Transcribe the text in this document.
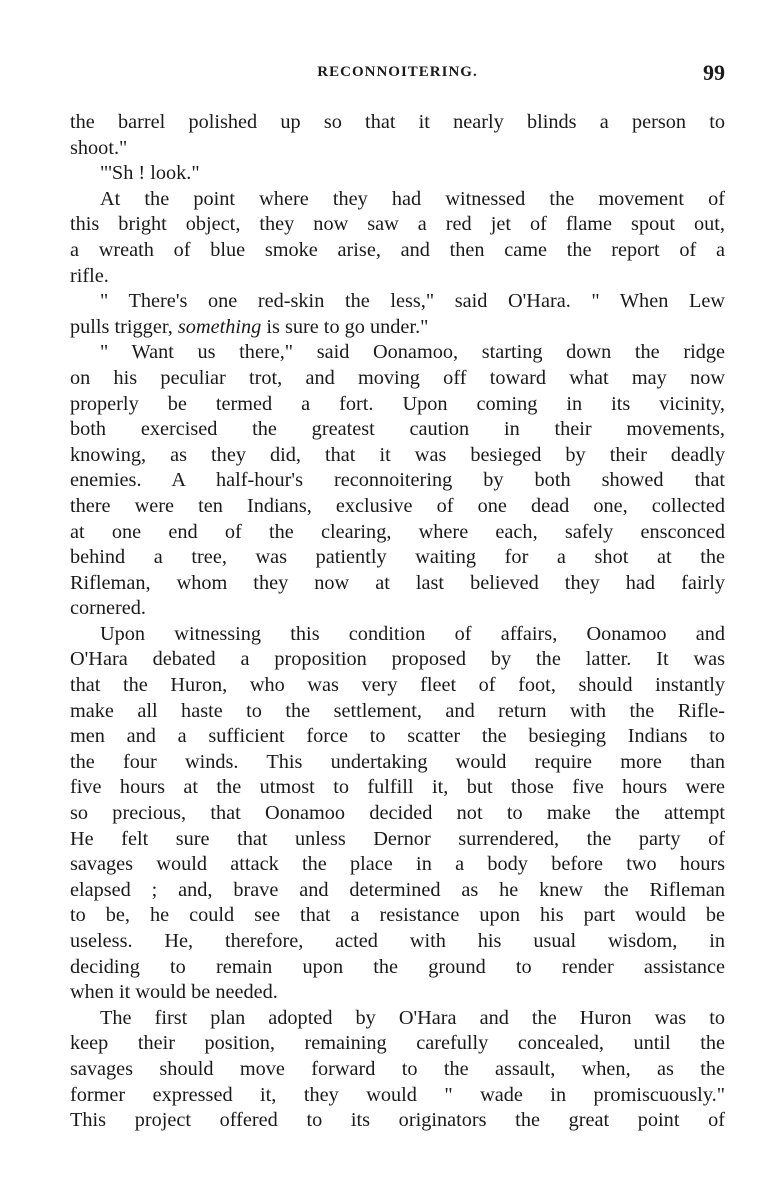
RECONNOITERING.	99
the barrel polished up so that it nearly blinds a person to
shoot."
"'Sh ! look."
At the point where they had witnessed the movement of
this bright object, they now saw a red jet of flame spout out,
a wreath of blue smoke arise, and then came the report of a
rifle.
" There's one red-skin the less," said O'Hara. " When Lew
pulls trigger, something is sure to go under."
" Want us there," said Oonamoo, starting down the ridge
on his peculiar trot, and moving off toward what may now
properly be termed a fort. Upon coming in its vicinity,
both exercised the greatest caution in their movements,
knowing, as they did, that it was besieged by their deadly
enemies. A half-hour's reconnoitering by both showed that
there were ten Indians, exclusive of one dead one, collected
at one end of the clearing, where each, safely ensconced
behind a tree, was patiently waiting for a shot at the
Rifleman, whom they now at last believed they had fairly
cornered.
Upon witnessing this condition of affairs, Oonamoo and
O'Hara debated a proposition proposed by the latter. It was
that the Huron, who was very fleet of foot, should instantly
make all haste to the settlement, and return with the Rifle-
men and a sufficient force to scatter the besieging Indians to
the four winds. This undertaking would require more than
five hours at the utmost to fulfill it, but those five hours were
so precious, that Oonamoo decided not to make the attempt
He felt sure that unless Dernor surrendered, the party of
savages would attack the place in a body before two hours
elapsed ; and, brave and determined as he knew the Rifleman
to be, he could see that a resistance upon his part would be
useless. He, therefore, acted with his usual wisdom, in
deciding to remain upon the ground to render assistance
when it would be needed.
The first plan adopted by O'Hara and the Huron was to
keep their position, remaining carefully concealed, until the
savages should move forward to the assault, when, as the
former expressed it, they would " wade in promiscuously."
This project offered to its originators the great point of
